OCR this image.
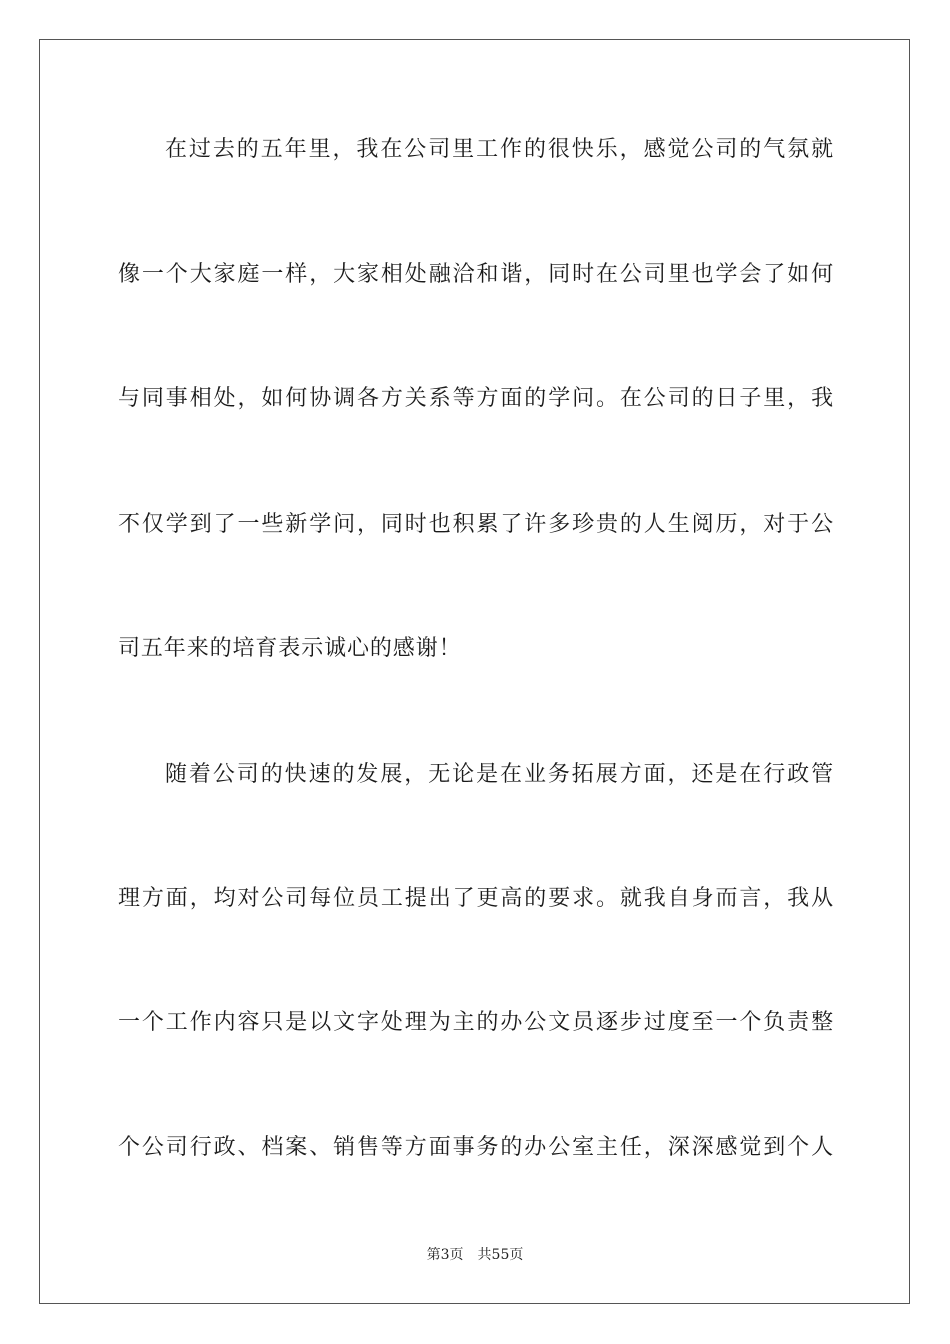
在过去的五年里，我在公司里工作的很快乐，感觉公司的气氛就
像一个大家庭一样，大家相处融洽和谐，同时在公司里也学会了如何
与同事相处，如何协调各方关系等方面的学问。在公司的日子里，我
不仅学到了一些新学问，同时也积累了许多珍贵的人生阅历，对于公
司五年来的培育表示诚心的感谢！
随着公司的快速的发展，无论是在业务拓展方面，还是在行政管
理方面，均对公司每位员工提出了更高的要求。就我自身而言，我从
一个工作内容只是以文字处理为主的办公文员逐步过度至一个负责整
个公司行政、档案、销售等方面事务的办公室主任，深深感觉到个人
第3页 共55页
